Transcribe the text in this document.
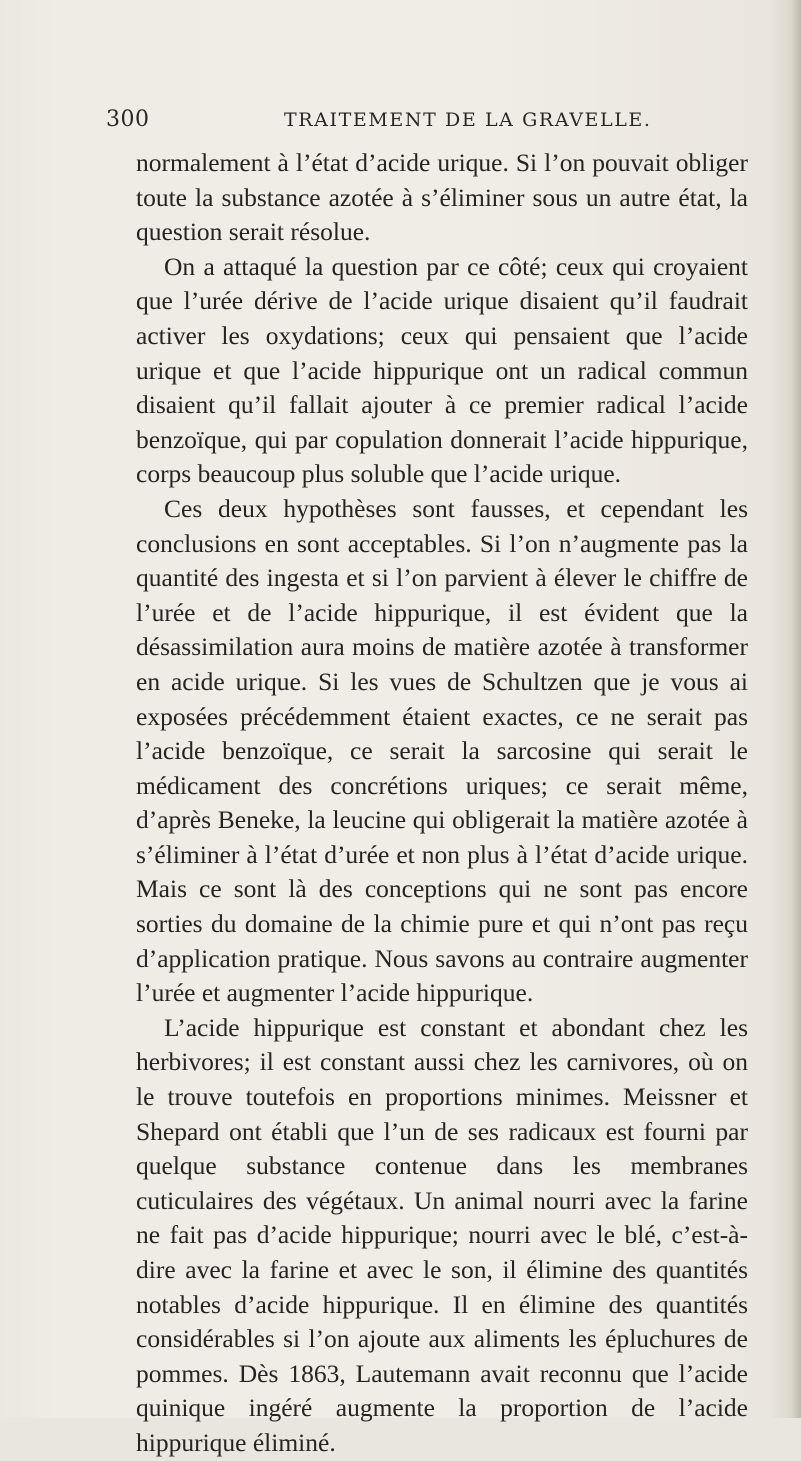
300	TRAITEMENT DE LA GRAVELLE.

normalement à l’état d’acide urique. Si l’on pouvait obliger toute la substance azotée à s’éliminer sous un autre état, la question serait résolue.

On a attaqué la question par ce côté; ceux qui croyaient que l’urée dérive de l’acide urique disaient qu’il faudrait activer les oxydations; ceux qui pensaient que l’acide urique et que l’acide hippurique ont un radical commun disaient qu’il fallait ajouter à ce premier radical l’acide benzoïque, qui par copulation donnerait l’acide hippurique, corps beaucoup plus soluble que l’acide urique.

Ces deux hypothèses sont fausses, et cependant les conclusions en sont acceptables. Si l’on n’augmente pas la quantité des ingesta et si l’on parvient à élever le chiffre de l’urée et de l’acide hippurique, il est évident que la désassimilation aura moins de matière azotée à transformer en acide urique. Si les vues de Schultzen que je vous ai exposées précédemment étaient exactes, ce ne serait pas l’acide benzoïque, ce serait la sarcosine qui serait le médicament des concrétions uriques; ce serait même, d’après Beneke, la leucine qui obligerait la matière azotée à s’éliminer à l’état d’urée et non plus à l’état d’acide urique. Mais ce sont là des conceptions qui ne sont pas encore sorties du domaine de la chimie pure et qui n’ont pas reçu d’application pratique. Nous savons au contraire augmenter l’urée et augmenter l’acide hippurique.

L’acide hippurique est constant et abondant chez les herbivores; il est constant aussi chez les carnivores, où on le trouve toutefois en proportions minimes. Meissner et Shepard ont établi que l’un de ses radicaux est fourni par quelque substance contenue dans les membranes cuticulaires des végétaux. Un animal nourri avec la farine ne fait pas d’acide hippurique; nourri avec le blé, c’est-à-dire avec la farine et avec le son, il élimine des quantités notables d’acide hippurique. Il en élimine des quantités considérables si l’on ajoute aux aliments les épluchures de pommes. Dès 1863, Lautemann avait reconnu que l’acide quinique ingéré augmente la proportion de l’acide hippurique éliminé.
